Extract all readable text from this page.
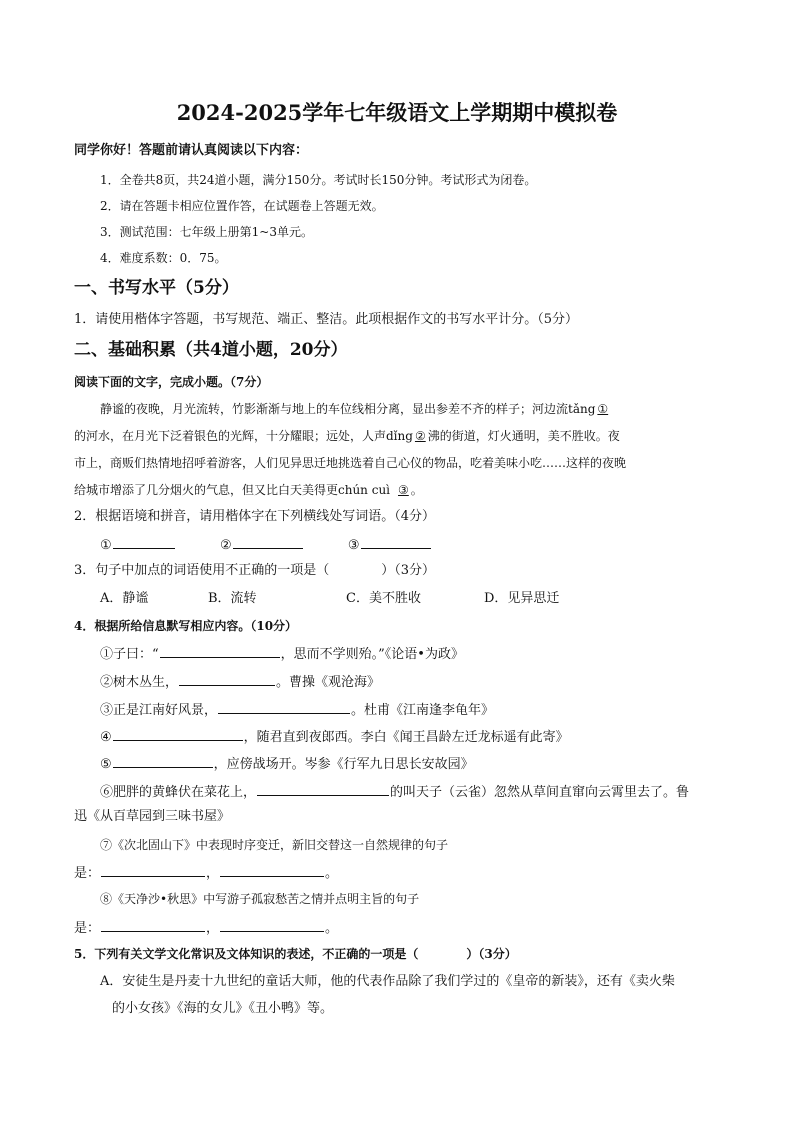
2024-2025学年七年级语文上学期期中模拟卷
同学你好！答题前请认真阅读以下内容：
1．全卷共8页，共24道小题，满分150分。考试时长150分钟。考试形式为闭卷。
2．请在答题卡相应位置作答，在试题卷上答题无效。
3．测试范围：七年级上册第1~3单元。
4．难度系数：0．75。
一、书写水平（5分）
1．请使用楷体字答题，书写规范、端正、整洁。此项根据作文的书写水平计分。（5分）
二、基础积累（共4道小题，20分）
阅读下面的文字，完成小题。（7分）
静谧的夜晚，月光流转，竹影渐渐与地上的车位线相分离，显出参差不齐的样子；河边流tǎng ①
的河水，在月光下泛着银色的光辉，十分耀眼；远处，人声dǐng ② 沸的街道，灯火通明，美不胜收。夜
市上，商贩们热情地招呼着游客，人们见异思迁地挑选着自己心仪的物品，吃着美味小吃……这样的夜晚
给城市增添了几分烟火的气息，但又比白天美得更chún cuì ③ 。
2．根据语境和拼音，请用楷体字在下列横线处写词语。（4分）
①	②	③
3．句子中加点的词语使用不正确的一项是（　　　　）（3分）
A．静谧	B．流转	C．美不胜收	D．见异思迁
4．根据所给信息默写相应内容。（10分）
①子曰：“	，思而不学则殆。”《论语•为政》
②树木丛生，	。曹操《观沧海》
③正是江南好风景，	。杜甫《江南逢李龟年》
④	，随君直到夜郎西。李白《闻王昌龄左迁龙标遥有此寄》
⑤	，应傍战场开。岑参《行军九日思长安故园》
⑥肥胖的黄蜂伏在菜花上，	的叫天子（云雀）忽然从草间直窜向云霄里去了。鲁
迅《从百草园到三味书屋》
⑦《次北固山下》中表现时序变迁，新旧交替这一自然规律的句子
是：	，	。
⑧《天净沙•秋思》中写游子孤寂愁苦之情并点明主旨的句子
是：	，	。
5．下列有关文学文化常识及文体知识的表述，不正确的一项是（　　　　）（3分）
A．安徒生是丹麦十九世纪的童话大师，他的代表作品除了我们学过的《皇帝的新装》，还有《卖火柴
的小女孩》《海的女儿》《丑小鸭》等。
